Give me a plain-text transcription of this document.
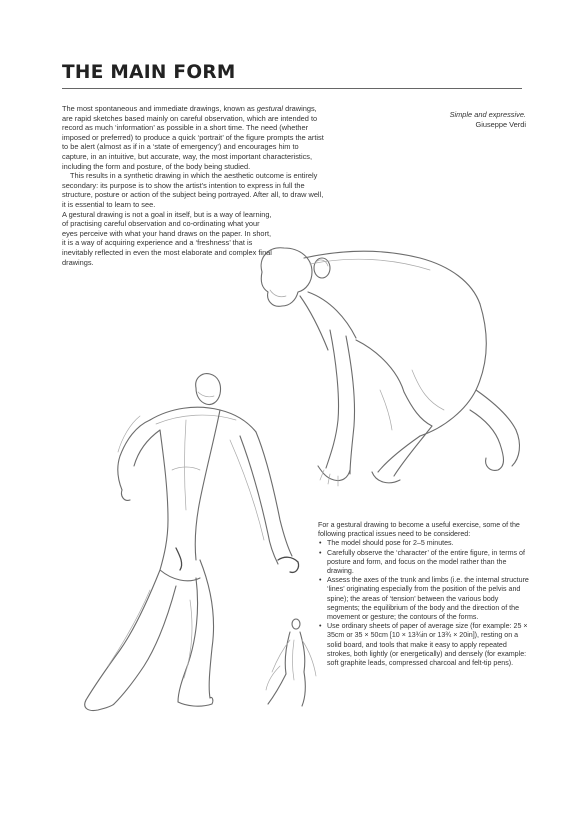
THE MAIN FORM

The most spontaneous and immediate drawings, known as gestural drawings, are rapid sketches based mainly on careful observation, which are intended to record as much ‘information’ as possible in a short time. The need (whether imposed or preferred) to produce a quick ‘portrait’ of the figure prompts the artist to be alert (almost as if in a ‘state of emergency’) and encourages him to capture, in an intuitive, but accurate, way, the most important characteristics, including the form and posture, of the body being studied.

This results in a synthetic drawing in which the aesthetic outcome is entirely secondary: its purpose is to show the artist’s intention to express in full the structure, posture or action of the subject being portrayed. After all, to draw well, it is essential to learn to see.

A gestural drawing is not a goal in itself, but is a way of learning, of practising careful observation and co-ordinating what your eyes perceive with what your hand draws on the paper. In short, it is a way of acquiring experience and a ‘freshness’ that is inevitably reflected in even the most elaborate and complex final drawings.

Simple and expressive.
Giuseppe Verdi

For a gestural drawing to become a useful exercise, some of the following practical issues need to be considered:

• The model should pose for 2–5 minutes.
• Carefully observe the ‘character’ of the entire figure, in terms of posture and form, and focus on the model rather than the drawing.
• Assess the axes of the trunk and limbs (i.e. the internal structure ‘lines’ originating especially from the position of the pelvis and spine); the areas of ‘tension’ between the various body segments; the equilibrium of the body and the direction of the movement or gesture; the contours of the forms.
• Use ordinary sheets of paper of average size (for example: 25 × 35cm or 35 × 50cm [10 × 13¾in or 13¾ × 20in]), resting on a solid board, and tools that make it easy to apply repeated strokes, both lightly (or energetically) and densely (for example: soft graphite leads, compressed charcoal and felt-tip pens).
